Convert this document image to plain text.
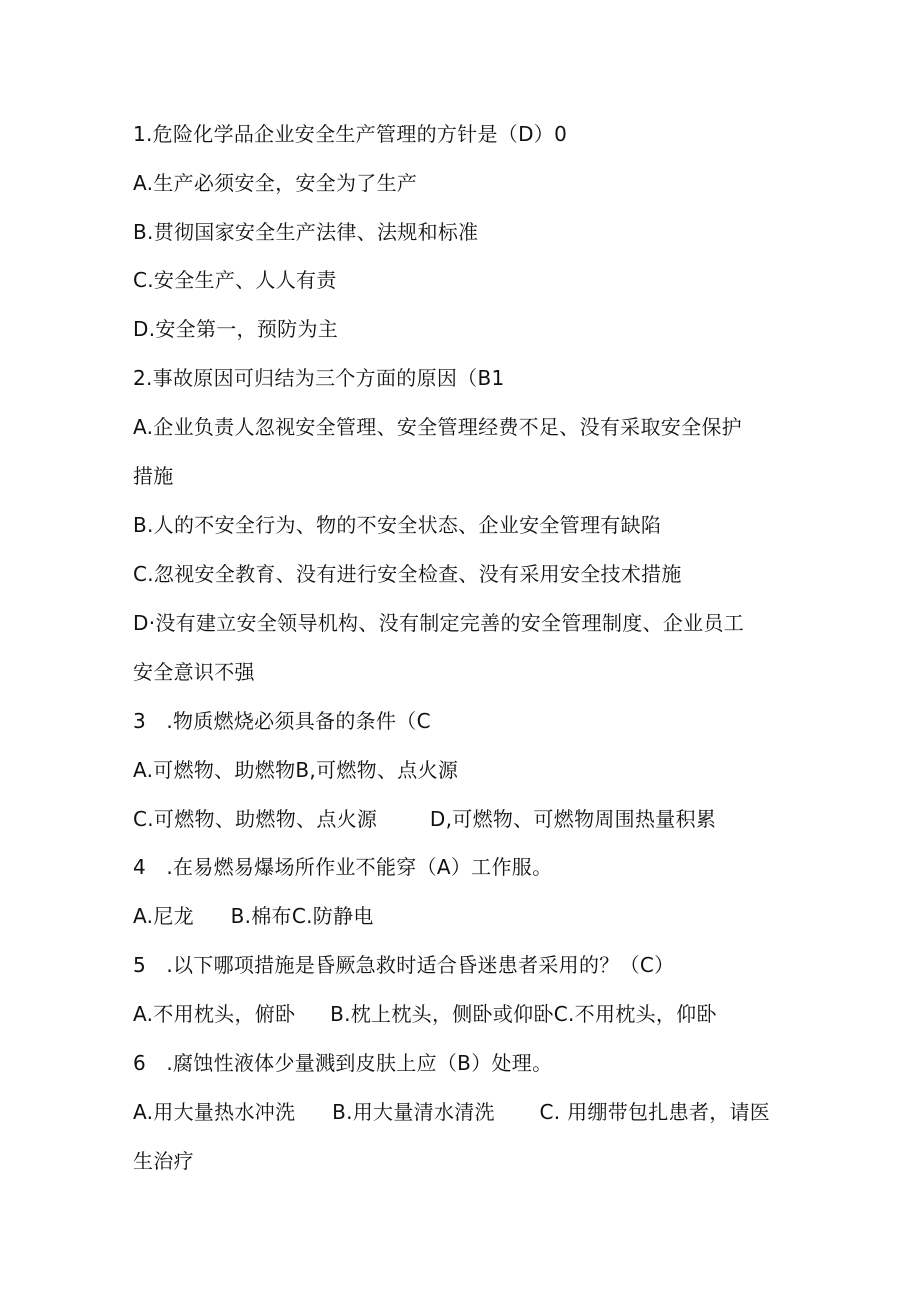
1.危险化学品企业安全生产管理的方针是（D）0
A.生产必须安全，安全为了生产
B.贯彻国家安全生产法律、法规和标准
C.安全生产、人人有责
D.安全第一，预防为主
2.事故原因可归结为三个方面的原因（B1
A.企业负责人忽视安全管理、安全管理经费不足、没有采取安全保护
措施
B.人的不安全行为、物的不安全状态、企业安全管理有缺陷
C.忽视安全教育、没有进行安全检查、没有采用安全技术措施
D·没有建立安全领导机构、没有制定完善的安全管理制度、企业员工
安全意识不强
3　.物质燃烧必须具备的条件（C
A.可燃物、助燃物B,可燃物、点火源
C.可燃物、助燃物、点火源	D,可燃物、可燃物周围热量积累
4　.在易燃易爆场所作业不能穿（A）工作服。
A.尼龙 B.棉布C.防静电
5　.以下哪项措施是昏厥急救时适合昏迷患者采用的？（C）
A.不用枕头，俯卧 B.枕上枕头，侧卧或仰卧C.不用枕头，仰卧
6　.腐蚀性液体少量溅到皮肤上应（B）处理。
A.用大量热水冲洗 B.用大量清水清洗 C. 用绷带包扎患者，请医
生治疗
